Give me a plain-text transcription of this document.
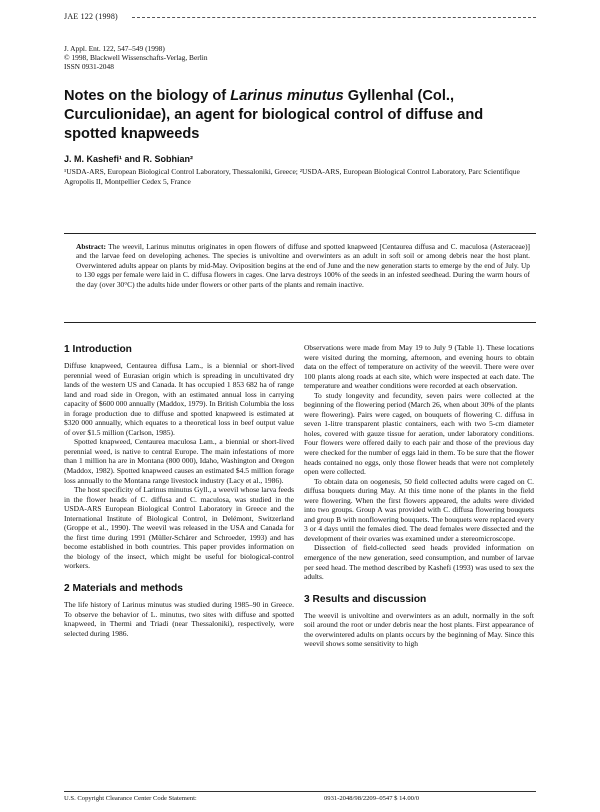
JAE 122 (1998)
J. Appl. Ent. 122, 547–549 (1998)
© 1998, Blackwell Wissenschafts-Verlag, Berlin
ISSN 0931-2048
Notes on the biology of Larinus minutus Gyllenhal (Col., Curculionidae), an agent for biological control of diffuse and spotted knapweeds
J. M. Kashefi¹ and R. Sobhian²
¹USDA-ARS, European Biological Control Laboratory, Thessaloniki, Greece; ²USDA-ARS, European Biological Control Laboratory, Parc Scientifique Agropolis II, Montpellier Cedex 5, France

Abstract: The weevil, Larinus minutus originates in open flowers of diffuse and spotted knapweed [Centaurea diffusa and C. maculosa (Asteraceae)] and the larvae feed on developing achenes. The species is univoltine and overwinters as an adult in soft soil or among debris near the host plant. Overwintered adults appear on plants by mid-May. Oviposition begins at the end of June and the new generation starts to emerge by the end of July. Up to 130 eggs per female were laid in C. diffusa flowers in cages. One larva destroys 100% of the seeds in an infested seedhead. During the warm hours of the day (over 30°C) the adults hide under flowers or other parts of the plants and remain inactive.

1 Introduction

Diffuse knapweed, Centaurea diffusa Lam., is a biennial or short-lived perennial weed of Eurasian origin which is spreading in uncultivated dry lands of the western US and Canada. It has occupied 1 853 682 ha of range land and road side in Oregon, with an estimated annual loss in carrying capacity of $600 000 annually (Maddox, 1979). In British Columbia the loss in forage production due to diffuse and spotted knapweed is estimated at $320 000 annually, which equates to a theoretical loss in beef output value of over $1.5 million (Carlson, 1985).

Spotted knapweed, Centaurea maculosa Lam., a biennial or short-lived perennial weed, is native to central Europe. The main infestations of more than 1 million ha are in Montana (800 000), Idaho, Washington and Oregon (Maddox, 1982). Spotted knapweed causes an estimated $4.5 million forage loss annually to the Montana range livestock industry (Lacy et al., 1986).

The host specificity of Larinus minutus Gyll., a weevil whose larva feeds in the flower heads of C. diffusa and C. maculosa, was studied in the USDA-ARS European Biological Control Laboratory in Greece and the International Institute of Biological Control, in Delémont, Switzerland (Groppe et al., 1990). The weevil was released in the USA and Canada for the first time during 1991 (Müller-Schärer and Schroeder, 1993) and has become established in both countries. This paper provides information on the biology of the insect, which might be useful for biological-control workers.

2 Materials and methods

The life history of Larinus minutus was studied during 1985–90 in Greece. To observe the behavior of L. minutus, two sites with diffuse and spotted knapweed, in Thermi and Triadi (near Thessaloniki), respectively, were selected during 1986.

Observations were made from May 19 to July 9 (Table 1). These locations were visited during the morning, afternoon, and evening hours to obtain data on the effect of temperature on activity of the weevil. There were over 100 plants along roads at each site, which were inspected at each date. The temperature and weather conditions were recorded at each observation.

To study longevity and fecundity, seven pairs were collected at the beginning of the flowering period (March 26, when about 30% of the plants were flowering). Pairs were caged, on bouquets of flowering C. diffusa in seven 1-litre transparent plastic containers, each with two 5-cm diameter holes, covered with gauze tissue for aeration, under laboratory conditions. Four flowers were offered daily to each pair and those of the previous day were checked for the number of eggs laid in them. To be sure that the flower heads contained no eggs, only those flower heads that were not completely open were collected.

To obtain data on oogenesis, 50 field collected adults were caged on C. diffusa bouquets during May. At this time none of the plants in the field were flowering. When the first flowers appeared, the adults were divided into two groups. Group A was provided with C. diffusa flowering bouquets and group B with nonflowering bouquets. The bouquets were replaced every 3 or 4 days until the females died. The dead females were dissected and the development of their ovaries was examined under a stereomicroscope.

Dissection of field-collected seed heads provided information on emergence of the new generation, seed consumption, and number of larvae per seed head. The method described by Kashefi (1993) was used to sex the adults.

3 Results and discussion

The weevil is univoltine and overwinters as an adult, normally in the soft soil around the root or under debris near the host plants. First appearance of the overwintered adults on plants occurs by the beginning of May. Since this weevil shows some sensitivity to high

U.S. Copyright Clearance Center Code Statement:	0931-2048/98/2209–0547 $ 14.00/0
